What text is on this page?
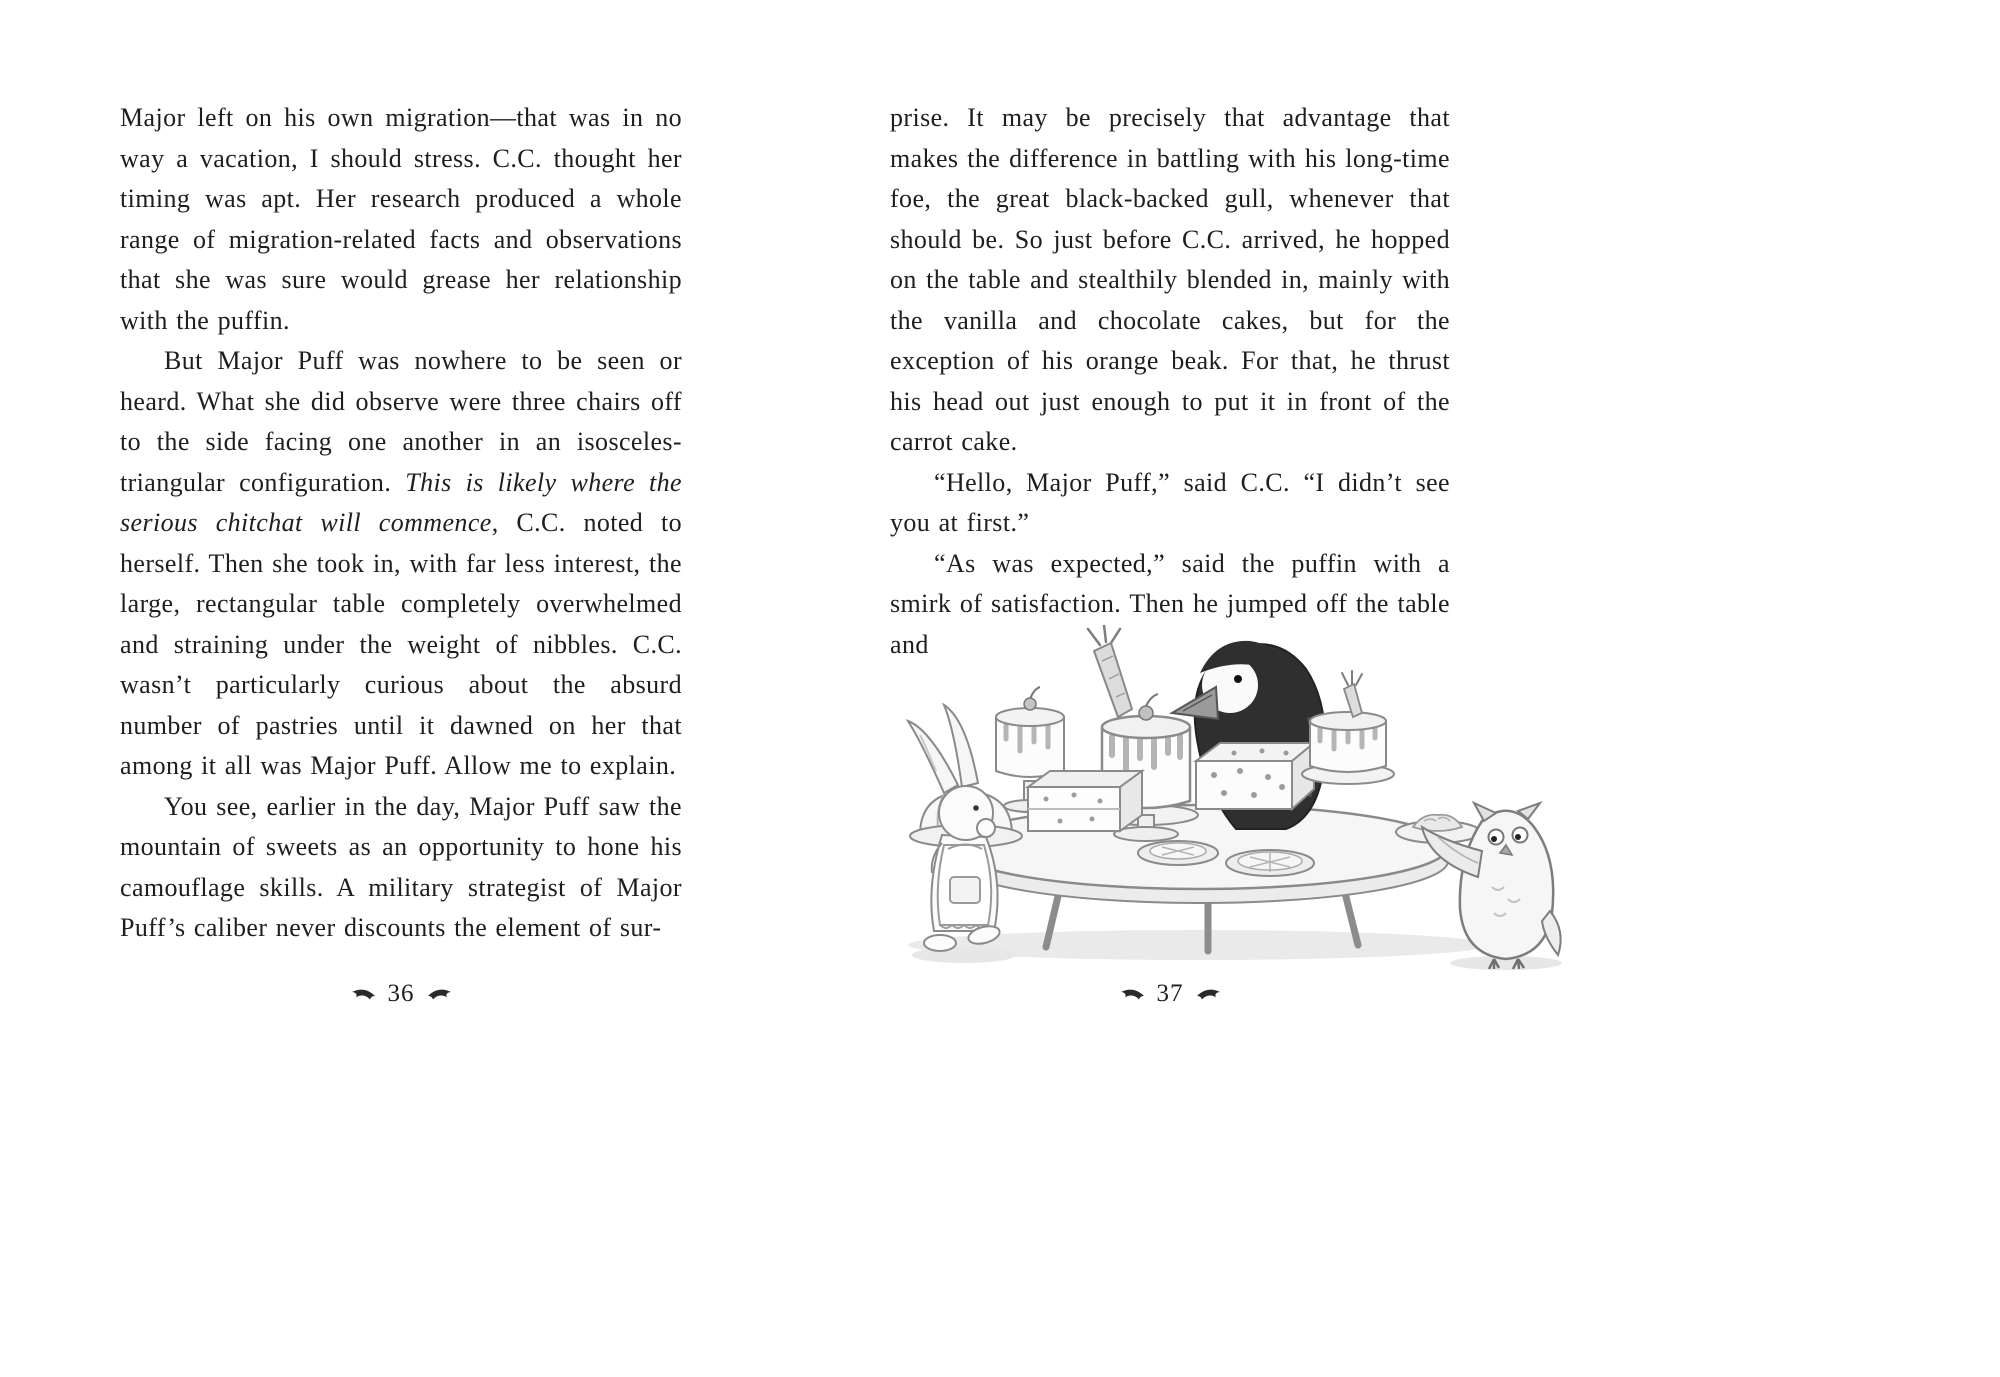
Major left on his own migration—that was in no way a vacation, I should stress. C.C. thought her timing was apt. Her research produced a whole range of migration-related facts and observations that she was sure would grease her relationship with the puffin.

But Major Puff was nowhere to be seen or heard. What she did observe were three chairs off to the side facing one another in an isosceles-triangular configuration. This is likely where the serious chitchat will commence, C.C. noted to herself. Then she took in, with far less interest, the large, rectangular table completely overwhelmed and straining under the weight of nibbles. C.C. wasn’t particularly curious about the absurd number of pastries until it dawned on her that among it all was Major Puff. Allow me to explain.

You see, earlier in the day, Major Puff saw the mountain of sweets as an opportunity to hone his camouflage skills. A military strategist of Major Puff’s caliber never discounts the element of sur-

36

prise. It may be precisely that advantage that makes the difference in battling with his long-time foe, the great black-backed gull, whenever that should be. So just before C.C. arrived, he hopped on the table and stealthily blended in, mainly with the vanilla and chocolate cakes, but for the exception of his orange beak. For that, he thrust his head out just enough to put it in front of the carrot cake.

“Hello, Major Puff,” said C.C. “I didn’t see you at first.”

“As was expected,” said the puffin with a smirk of satisfaction. Then he jumped off the table and

37
